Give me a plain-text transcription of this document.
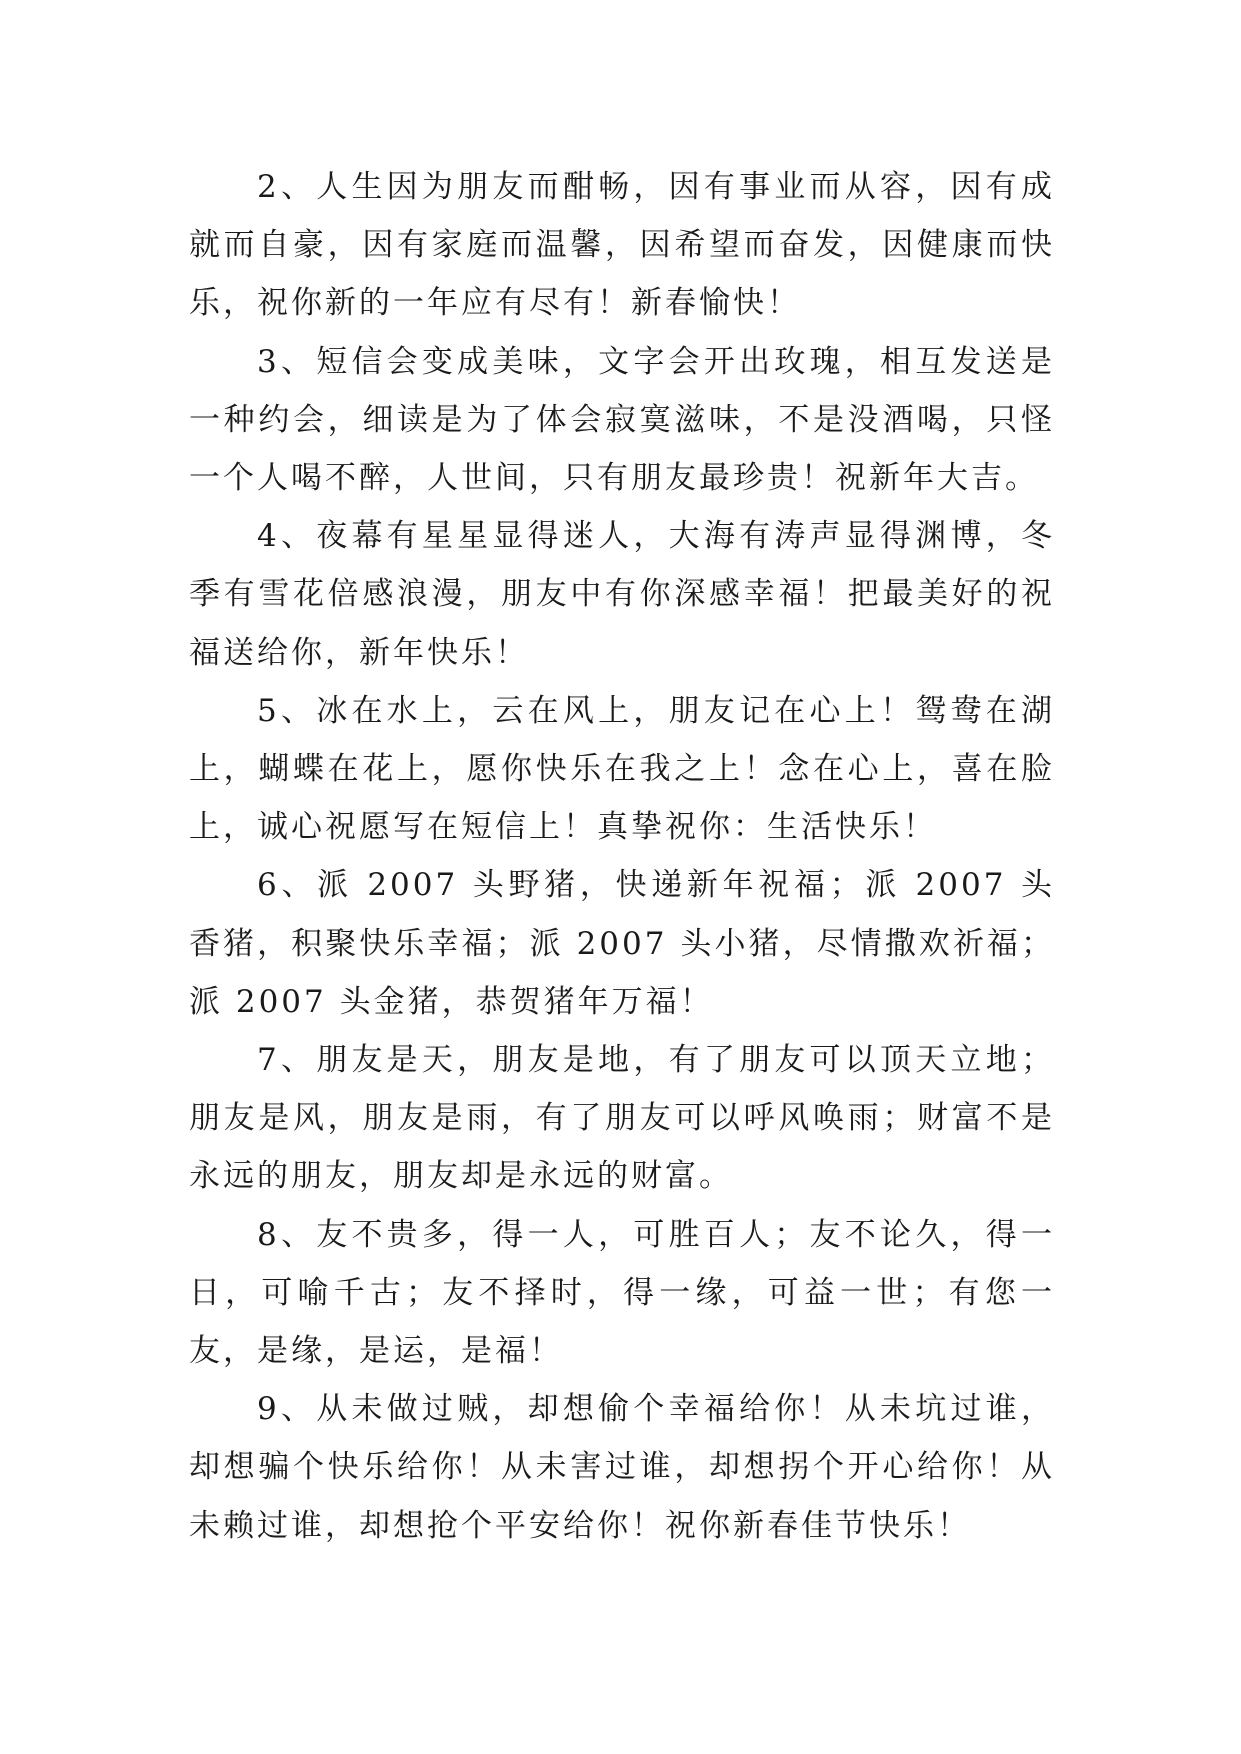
2、人生因为朋友而酣畅，因有事业而从容，因有成就而自豪，因有家庭而温馨，因希望而奋发，因健康而快乐，祝你新的一年应有尽有！新春愉快！

3、短信会变成美味，文字会开出玫瑰，相互发送是一种约会，细读是为了体会寂寞滋味，不是没酒喝，只怪一个人喝不醉，人世间，只有朋友最珍贵！祝新年大吉。

4、夜幕有星星显得迷人，大海有涛声显得渊博，冬季有雪花倍感浪漫，朋友中有你深感幸福！把最美好的祝福送给你，新年快乐！

5、冰在水上，云在风上，朋友记在心上！鸳鸯在湖上，蝴蝶在花上，愿你快乐在我之上！念在心上，喜在脸上，诚心祝愿写在短信上！真挚祝你：生活快乐！

6、派 2007 头野猪，快递新年祝福；派 2007 头香猪，积聚快乐幸福；派 2007 头小猪，尽情撒欢祈福；派 2007 头金猪，恭贺猪年万福！

7、朋友是天，朋友是地，有了朋友可以顶天立地；朋友是风，朋友是雨，有了朋友可以呼风唤雨；财富不是永远的朋友，朋友却是永远的财富。

8、友不贵多，得一人，可胜百人；友不论久，得一日，可喻千古；友不择时，得一缘，可益一世；有您一友，是缘，是运，是福！

9、从未做过贼，却想偷个幸福给你！从未坑过谁，却想骗个快乐给你！从未害过谁，却想拐个开心给你！从未赖过谁，却想抢个平安给你！祝你新春佳节快乐！
